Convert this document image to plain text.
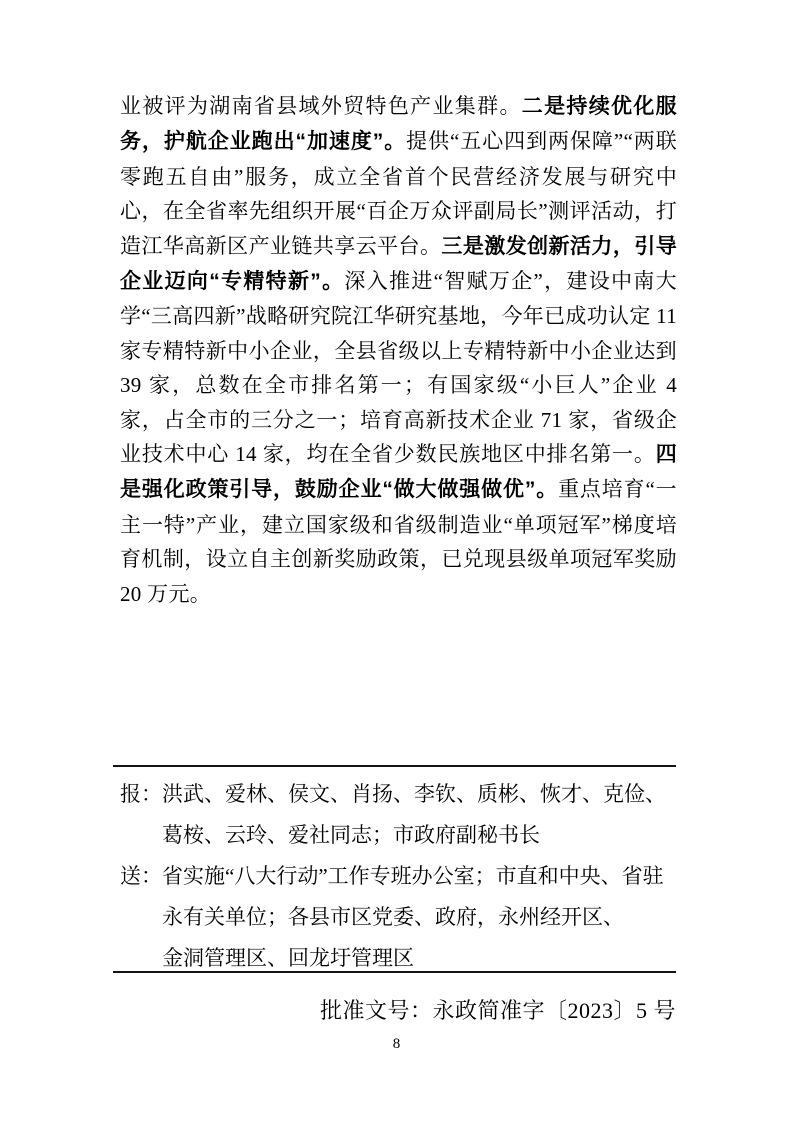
业被评为湖南省县域外贸特色产业集群。二是持续优化服务，护航企业跑出“加速度”。提供“五心四到两保障”“两联零跑五自由”服务，成立全省首个民营经济发展与研究中心，在全省率先组织开展“百企万众评副局长”测评活动，打造江华高新区产业链共享云平台。三是激发创新活力，引导企业迈向“专精特新”。深入推进“智赋万企”，建设中南大学“三高四新”战略研究院江华研究基地，今年已成功认定 11 家专精特新中小企业，全县省级以上专精特新中小企业达到 39 家，总数在全市排名第一；有国家级“小巨人”企业 4 家，占全市的三分之一；培育高新技术企业 71 家，省级企业技术中心 14 家，均在全省少数民族地区中排名第一。四是强化政策引导，鼓励企业“做大做强做优”。重点培育“一主一特”产业，建立国家级和省级制造业“单项冠军”梯度培育机制，设立自主创新奖励政策，已兑现县级单项冠军奖励 20 万元。
报： 洪武、爱林、侯文、肖扬、李钦、质彬、恢才、克俭、
葛桉、云玲、爱社同志；市政府副秘书长
送： 省实施“八大行动”工作专班办公室；市直和中央、省驻
永有关单位；各县市区党委、政府，永州经开区、
金洞管理区、回龙圩管理区
批准文号：永政简准字〔2023〕5 号
8
